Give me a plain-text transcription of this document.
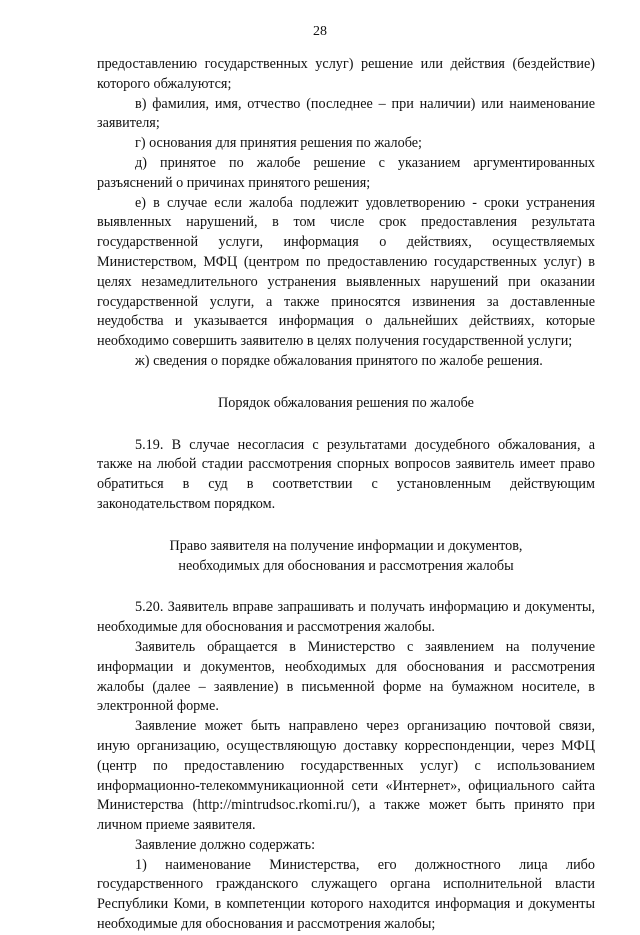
28

предоставлению государственных услуг) решение или действия (бездействие) которого обжалуются;

в) фамилия, имя, отчество (последнее – при наличии) или наименование заявителя;

г) основания для принятия решения по жалобе;

д) принятое по жалобе решение с указанием аргументированных разъяснений о причинах принятого решения;

е) в случае если жалоба подлежит удовлетворению - сроки устранения выявленных нарушений, в том числе срок предоставления результата государственной услуги, информация о действиях, осуществляемых Министерством, МФЦ (центром по предоставлению государственных услуг) в целях незамедлительного устранения выявленных нарушений при оказании государственной услуги, а также приносятся извинения за доставленные неудобства и указывается информация о дальнейших действиях, которые необходимо совершить заявителю в целях получения государственной услуги;

ж) сведения о порядке обжалования принятого по жалобе решения.

Порядок обжалования решения по жалобе

5.19. В случае несогласия с результатами досудебного обжалования, а также на любой стадии рассмотрения спорных вопросов заявитель имеет право обратиться в суд в соответствии с установленным действующим законодательством порядком.

Право заявителя на получение информации и документов,
необходимых для обоснования и рассмотрения жалобы

5.20. Заявитель вправе запрашивать и получать информацию и документы, необходимые для обоснования и рассмотрения жалобы.

Заявитель обращается в Министерство с заявлением на получение информации и документов, необходимых для обоснования и рассмотрения жалобы (далее – заявление) в письменной форме на бумажном носителе, в электронной форме.

Заявление может быть направлено через организацию почтовой связи, иную организацию, осуществляющую доставку корреспонденции, через МФЦ (центр по предоставлению государственных услуг) с использованием информационно-телекоммуникационной сети «Интернет», официального сайта Министерства (http://mintrudsoc.rkomi.ru/), а также может быть принято при личном приеме заявителя.

Заявление должно содержать:

1) наименование Министерства, его должностного лица либо государственного гражданского служащего органа исполнительной власти Республики Коми, в компетенции которого находится информация и документы необходимые для обоснования и рассмотрения жалобы;
